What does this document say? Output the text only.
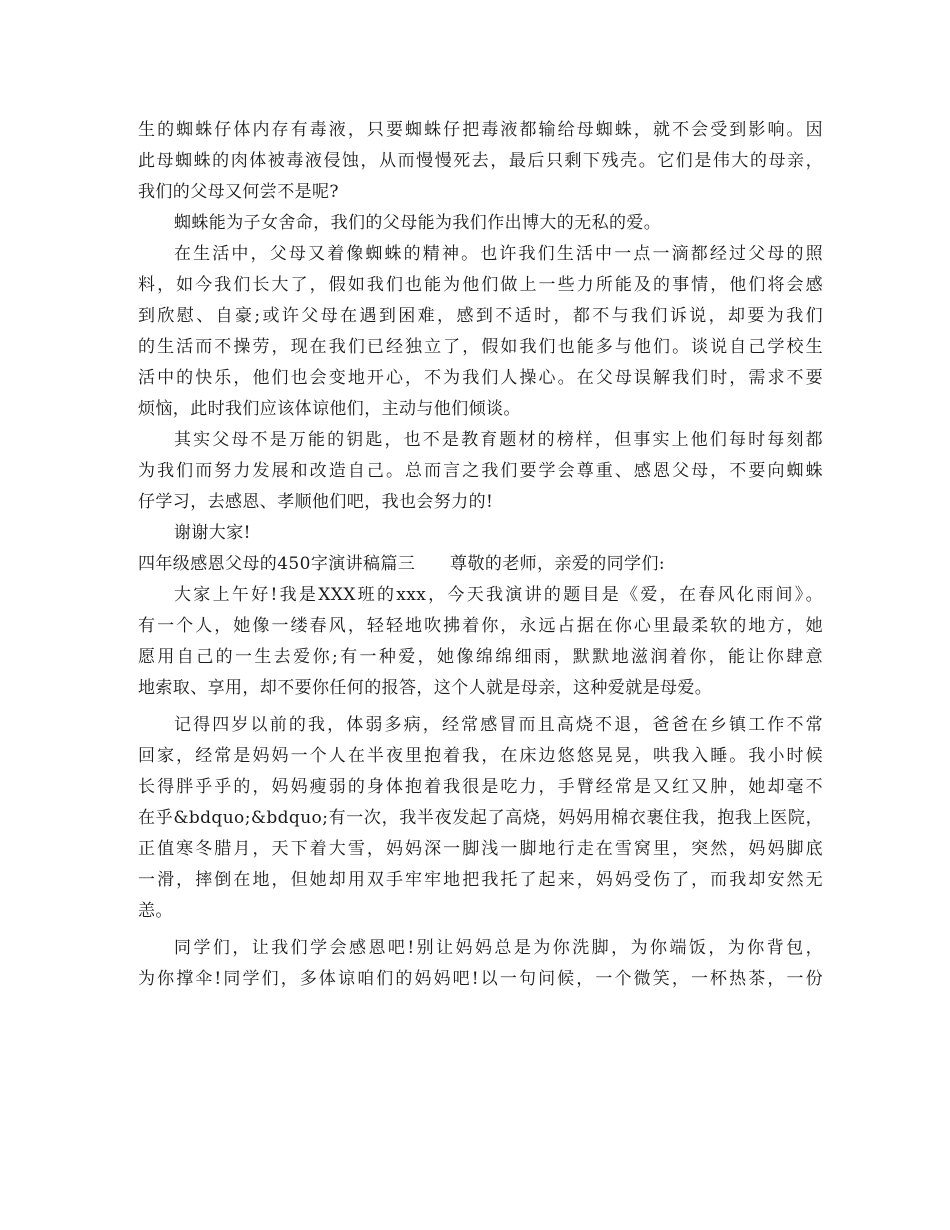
生的蜘蛛仔体内存有毒液，只要蜘蛛仔把毒液都输给母蜘蛛，就不会受到影响。因
此母蜘蛛的肉体被毒液侵蚀，从而慢慢死去，最后只剩下残壳。它们是伟大的母亲，
我们的父母又何尝不是呢?
蜘蛛能为子女舍命，我们的父母能为我们作出博大的无私的爱。
在生活中，父母又着像蜘蛛的精神。也许我们生活中一点一滴都经过父母的照
料，如今我们长大了，假如我们也能为他们做上一些力所能及的事情，他们将会感
到欣慰、自豪;或许父母在遇到困难，感到不适时，都不与我们诉说，却要为我们
的生活而不操劳，现在我们已经独立了，假如我们也能多与他们。谈说自己学校生
活中的快乐，他们也会变地开心，不为我们人操心。在父母误解我们时，需求不要
烦恼，此时我们应该体谅他们，主动与他们倾谈。
其实父母不是万能的钥匙，也不是教育题材的榜样，但事实上他们每时每刻都
为我们而努力发展和改造自己。总而言之我们要学会尊重、感恩父母，不要向蜘蛛
仔学习，去感恩、孝顺他们吧，我也会努力的!
谢谢大家!
四年级感恩父母的450字演讲稿篇三　　尊敬的老师，亲爱的同学们:
大家上午好!我是XXX班的xxx，今天我演讲的题目是《爱，在春风化雨间》。
有一个人，她像一缕春风，轻轻地吹拂着你，永远占据在你心里最柔软的地方，她
愿用自己的一生去爱你;有一种爱，她像绵绵细雨，默默地滋润着你，能让你肆意
地索取、享用，却不要你任何的报答，这个人就是母亲，这种爱就是母爱。
记得四岁以前的我，体弱多病，经常感冒而且高烧不退，爸爸在乡镇工作不常
回家，经常是妈妈一个人在半夜里抱着我，在床边悠悠晃晃，哄我入睡。我小时候
长得胖乎乎的，妈妈瘦弱的身体抱着我很是吃力，手臂经常是又红又肿，她却毫不
在乎&bdquo;&bdquo;有一次，我半夜发起了高烧，妈妈用棉衣裹住我，抱我上医院，
正值寒冬腊月，天下着大雪，妈妈深一脚浅一脚地行走在雪窝里，突然，妈妈脚底
一滑，摔倒在地，但她却用双手牢牢地把我托了起来，妈妈受伤了，而我却安然无
恙。
同学们，让我们学会感恩吧!别让妈妈总是为你洗脚，为你端饭，为你背包，
为你撑伞!同学们，多体谅咱们的妈妈吧!以一句问候，一个微笑，一杯热茶，一份
